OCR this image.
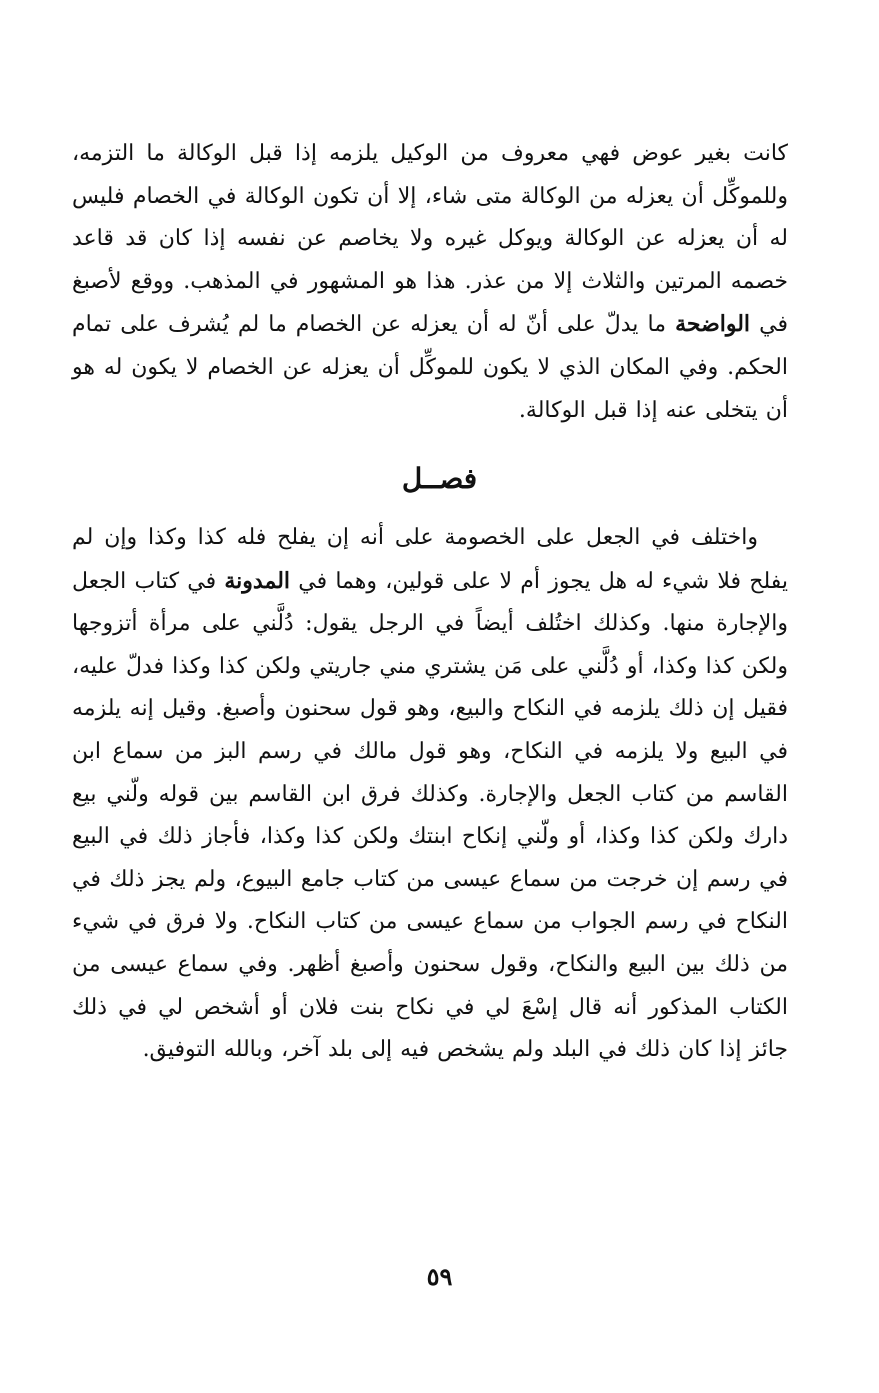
كانت بغير عوض فهي معروف من الوكيل يلزمه إذا قبل الوكالة ما التزمه، وللموكِّل أن يعزله من الوكالة متى شاء، إلا أن تكون الوكالة في الخصام فليس له أن يعزله عن الوكالة ويوكل غيره ولا يخاصم عن نفسه إذا كان قد قاعد خصمه المرتين والثلاث إلا من عذر. هذا هو المشهور في المذهب. ووقع لأصبغ في الواضحة ما يدلّ على أنّ له أن يعزله عن الخصام ما لم يُشرف على تمام الحكم. وفي المكان الذي لا يكون للموكِّل أن يعزله عن الخصام لا يكون له هو أن يتخلى عنه إذا قبل الوكالة.

فصــل

واختلف في الجعل على الخصومة على أنه إن يفلح فله كذا وكذا وإن لم يفلح فلا شيء له هل يجوز أم لا على قولين، وهما في المدونة في كتاب الجعل والإجارة منها. وكذلك اختُلف أيضاً في الرجل يقول: دُلَّني على مرأة أتزوجها ولكن كذا وكذا، أو دُلَّني على مَن يشتري مني جاريتي ولكن كذا وكذا فدلّ عليه، فقيل إن ذلك يلزمه في النكاح والبيع، وهو قول سحنون وأصبغ. وقيل إنه يلزمه في البيع ولا يلزمه في النكاح، وهو قول مالك في رسم البز من سماع ابن القاسم من كتاب الجعل والإجارة. وكذلك فرق ابن القاسم بين قوله ولّني بيع دارك ولكن كذا وكذا، أو ولّني إنكاح ابنتك ولكن كذا وكذا، فأجاز ذلك في البيع في رسم إن خرجت من سماع عيسى من كتاب جامع البيوع، ولم يجز ذلك في النكاح في رسم الجواب من سماع عيسى من كتاب النكاح. ولا فرق في شيء من ذلك بين البيع والنكاح، وقول سحنون وأصبغ أظهر. وفي سماع عيسى من الكتاب المذكور أنه قال إسْعَ لي في نكاح بنت فلان أو أشخص لي في ذلك جائز إذا كان ذلك في البلد ولم يشخص فيه إلى بلد آخر، وبالله التوفيق.

٥٩
